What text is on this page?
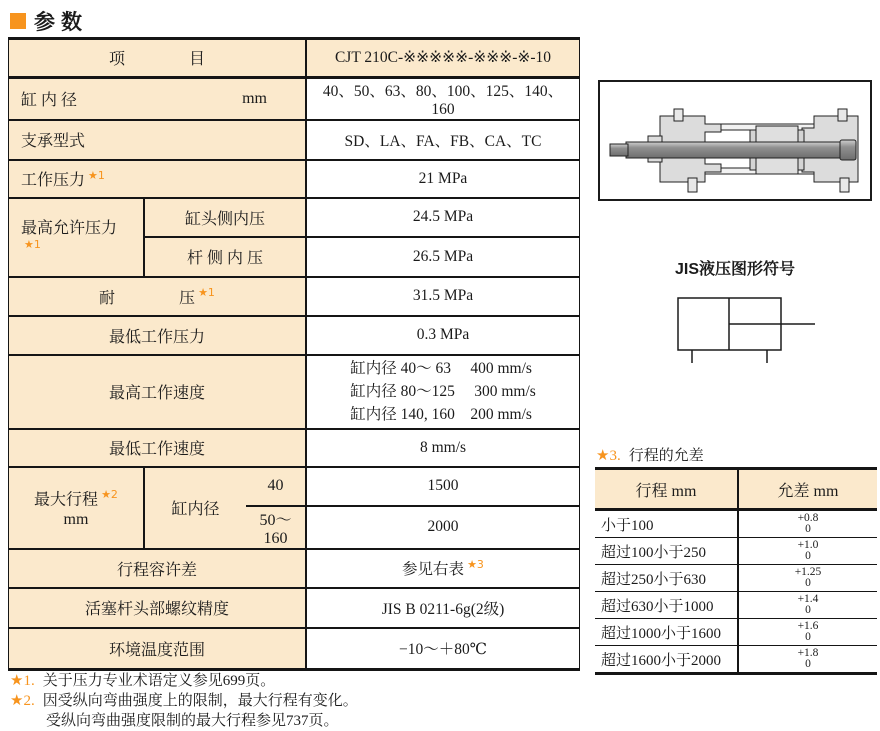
参数
项　　　　目			CJT 210C-※※※※※-※※※-※-10

缸 内 径 mm			40、50、63、80、100、125、140、160
支承型式			SD、LA、FA、FB、CA、TC
工作压力 $^{★1}$			21 MPa
最高允许压力$^{★1}$	缸头侧内压		24.5 MPa
	杆 侧 内 压		26.5 MPa
耐　　　　压 $^{★1}$			31.5 MPa
最低工作压力			0.3 MPa
最高工作速度			缸内径 40～ 63　 400 mm/s
缸内径 80～125　 300 mm/s
缸内径 140, 160　200 mm/s

最低工作速度			8 mm/s

最大行程 $^{★2}$
mm	缸内径	40	1500
		50～160	2000
行程容许差			参见右表 $^{★3}$
活塞杆头部螺纹精度			JIS B 0211-6g(2级)
环境温度范围			−10～＋80℃
★1. 关于压力专业术语定义参见699页。
★2. 因受纵向弯曲强度上的限制，最大行程有变化。
受纵向弯曲强度限制的最大行程参见737页。
JIS液压图形符号
★3. 行程的允差
行程 mm	允差 mm
小于100	+0.8
0

超过100小于250	+1.0
0

超过250小于630	+1.25
0

超过630小于1000	+1.4
0

超过1000小于1600	+1.6
0

超过1600小于2000	+1.8
0
